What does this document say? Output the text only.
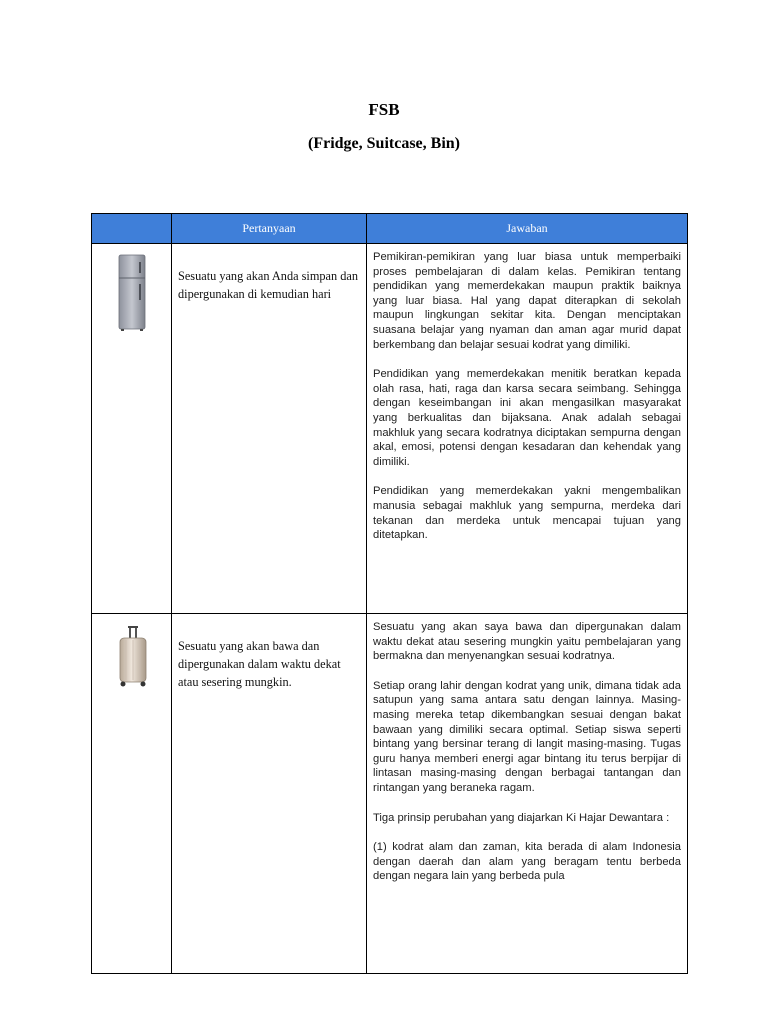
FSB
(Fridge, Suitcase, Bin)
	Pertanyaan	Jawaban

	Sesuatu yang akan Anda simpan dan dipergunakan di kemudian hari	Pemikiran-pemikiran yang luar biasa untuk memperbaiki proses pembelajaran di dalam kelas. Pemikiran tentang pendidikan yang memerdekakan maupun praktik baiknya yang luar biasa. Hal yang dapat diterapkan di sekolah maupun lingkungan sekitar kita. Dengan menciptakan suasana belajar yang nyaman dan aman agar murid dapat berkembang dan belajar sesuai kodrat yang dimiliki.

Pendidikan yang memerdekakan menitik beratkan kepada olah rasa, hati, raga dan karsa secara seimbang. Sehingga dengan keseimbangan ini akan mengasilkan masyarakat yang berkualitas dan bijaksana. Anak adalah sebagai makhluk yang secara kodratnya diciptakan sempurna dengan akal, emosi, potensi dengan kesadaran dan kehendak yang dimiliki.

Pendidikan yang memerdekakan yakni mengembalikan manusia sebagai makhluk yang sempurna, merdeka dari tekanan dan merdeka untuk mencapai tujuan yang ditetapkan.

	Sesuatu yang akan bawa dan dipergunakan dalam waktu dekat atau sesering mungkin.	Sesuatu yang akan saya bawa dan dipergunakan dalam waktu dekat atau sesering mungkin yaitu pembelajaran yang bermakna dan menyenangkan sesuai kodratnya.

Setiap orang lahir dengan kodrat yang unik, dimana tidak ada satupun yang sama antara satu dengan lainnya. Masing-masing mereka tetap dikembangkan sesuai dengan bakat bawaan yang dimiliki secara optimal. Setiap siswa seperti bintang yang bersinar terang di langit masing-masing. Tugas guru hanya memberi energi agar bintang itu terus berpijar di lintasan masing-masing dengan berbagai tantangan dan rintangan yang beraneka ragam.

Tiga prinsip perubahan yang diajarkan Ki Hajar Dewantara :

(1) kodrat alam dan zaman, kita berada di alam Indonesia dengan daerah dan alam yang beragam tentu berbeda dengan negara lain yang berbeda pula
